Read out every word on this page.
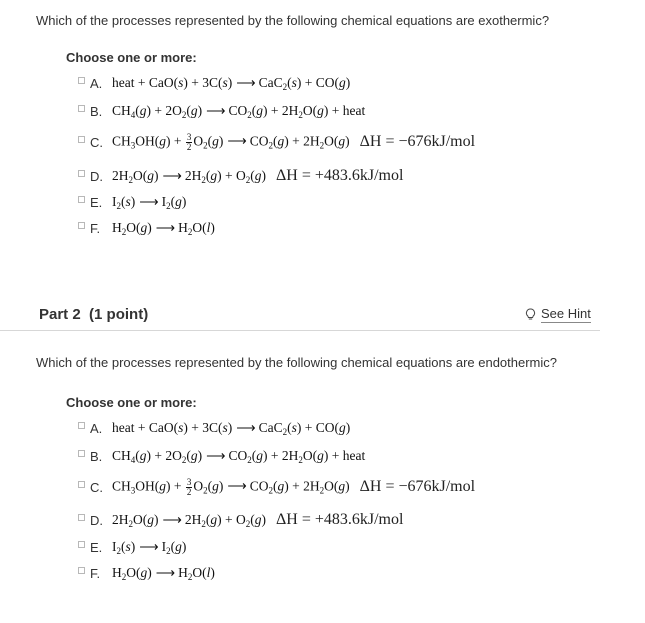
Which of the processes represented by the following chemical equations are exothermic?
Choose one or more:
A. heat + CaO(s) + 3C(s) ⟶ CaC$_2$(s) + CO(g)
B. $CH_4(g) + 2O_2(g)$ ⟶ $CO_2(g) + 2H_2O(g)$ + heat
C. $CH_3OH(g) + \frac{3}{2} O_2(g)$ ⟶ $CO_2(g) + 2H_2O(g) \Delta H = -676kJ/mol$
D. $2H_2O(g)$ ⟶ $2H_2(g) + O_2(g) \Delta H = +483.6kJ/mol$
E. $I_2(s)$ ⟶ $I_2(g)$
F. $H_2O(g)$ ⟶ $H_2O(l)$
Part 2 (1 point)	See Hint
Which of the processes represented by the following chemical equations are endothermic?
Choose one or more:
A. heat + CaO(s) + 3C(s) ⟶ CaC$_2$(s) + CO(g)
B. $CH_4(g) + 2O_2(g)$ ⟶ $CO_2(g) + 2H_2O(g)$ + heat
C. $CH_3OH(g) + \frac{3}{2} O_2(g)$ ⟶ $CO_2(g) + 2H_2O(g) \Delta H = -676kJ/mol$
D. $2H_2O(g)$ ⟶ $2H_2(g) + O_2(g) \Delta H = +483.6kJ/mol$
E. $I_2(s)$ ⟶ $I_2(g)$
F. $H_2O(g)$ ⟶ $H_2O(l)$
